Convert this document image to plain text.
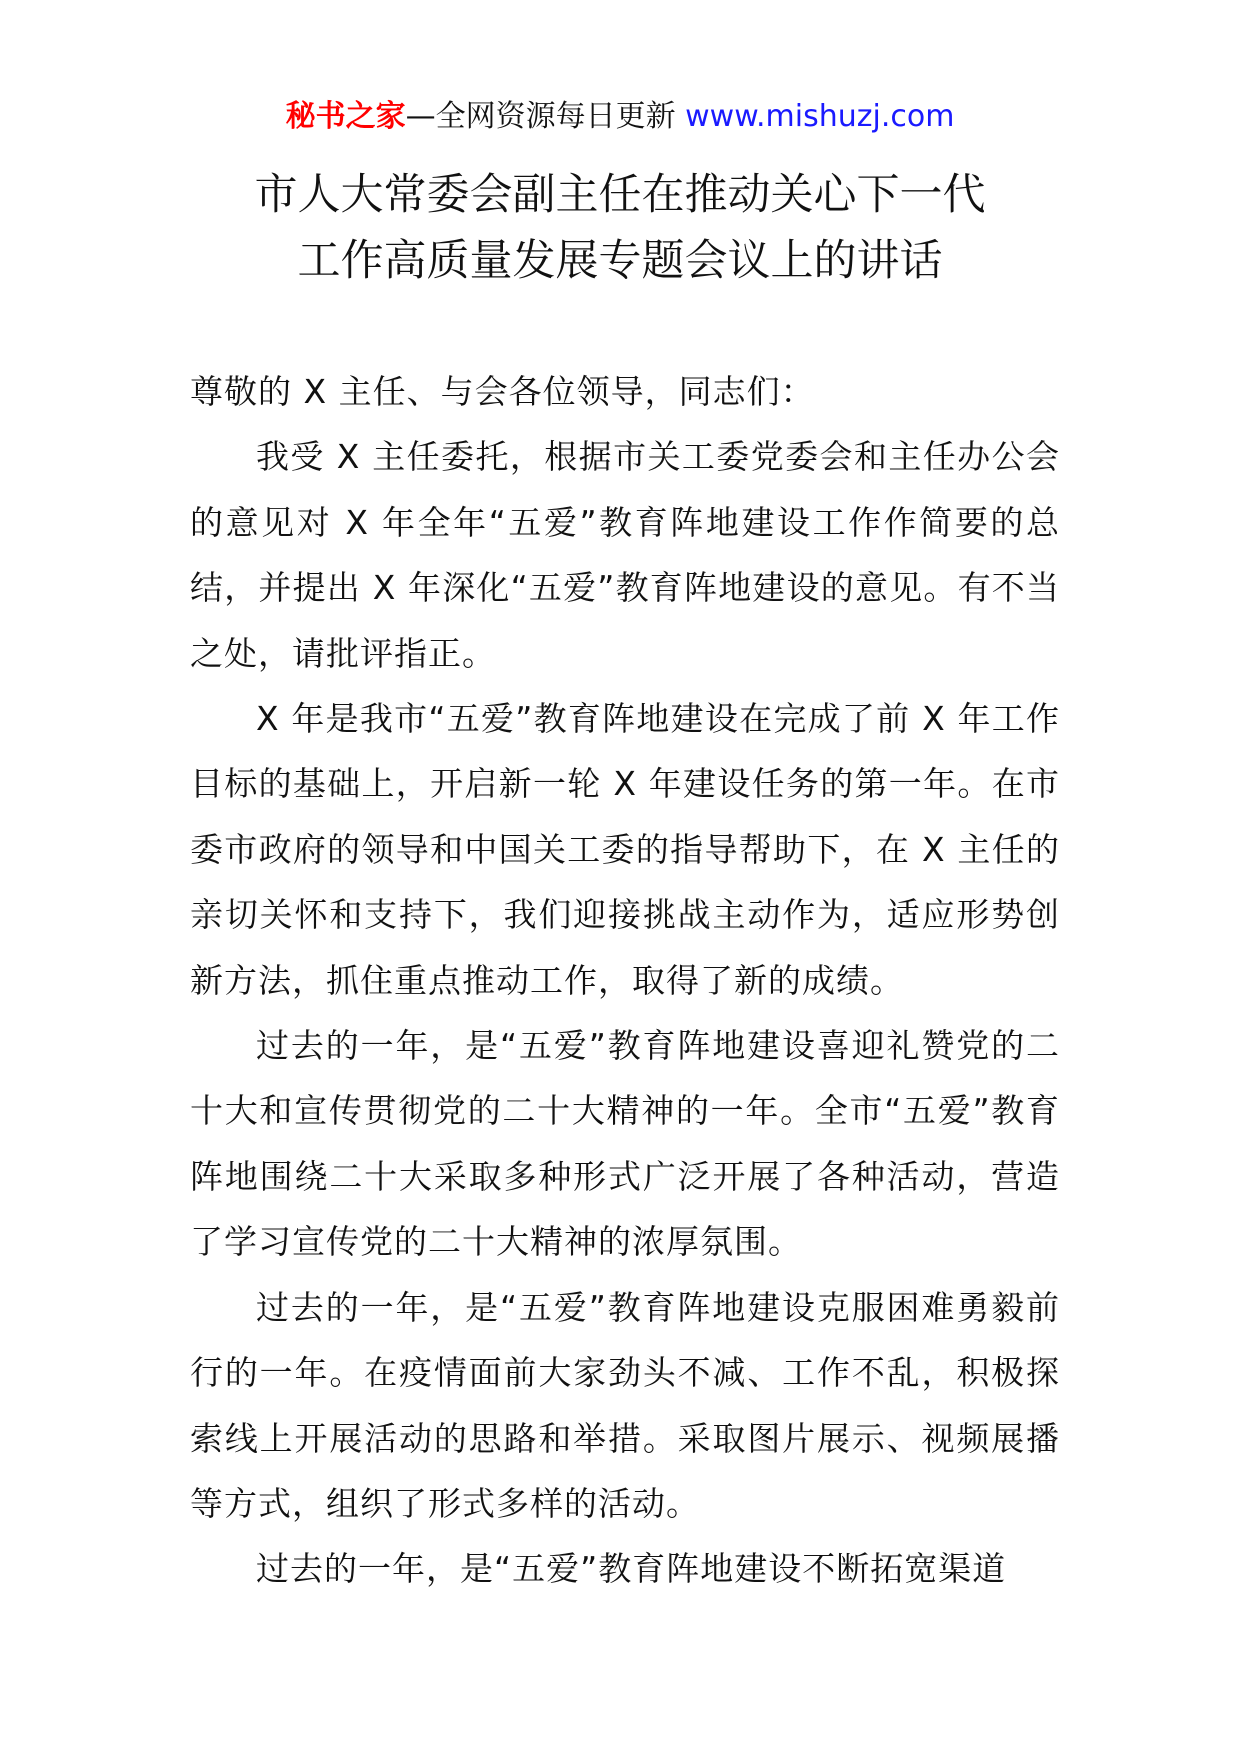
秘书之家—全网资源每日更新 www.mishuzj.com
市人大常委会副主任在推动关心下一代
工作高质量发展专题会议上的讲话

尊敬的 X 主任、与会各位领导，同志们：

我受 X 主任委托，根据市关工委党委会和主任办公会的意见对 X 年全年“五爱”教育阵地建设工作作简要的总结，并提出 X 年深化“五爱”教育阵地建设的意见。有不当之处，请批评指正。

X 年是我市“五爱”教育阵地建设在完成了前 X 年工作目标的基础上，开启新一轮 X 年建设任务的第一年。在市委市政府的领导和中国关工委的指导帮助下，在 X 主任的亲切关怀和支持下，我们迎接挑战主动作为，适应形势创新方法，抓住重点推动工作，取得了新的成绩。

过去的一年，是“五爱”教育阵地建设喜迎礼赞党的二十大和宣传贯彻党的二十大精神的一年。全市“五爱”教育阵地围绕二十大采取多种形式广泛开展了各种活动，营造了学习宣传党的二十大精神的浓厚氛围。

过去的一年，是“五爱”教育阵地建设克服困难勇毅前行的一年。在疫情面前大家劲头不减、工作不乱，积极探索线上开展活动的思路和举措。采取图片展示、视频展播等方式，组织了形式多样的活动。

过去的一年，是“五爱”教育阵地建设不断拓宽渠道
